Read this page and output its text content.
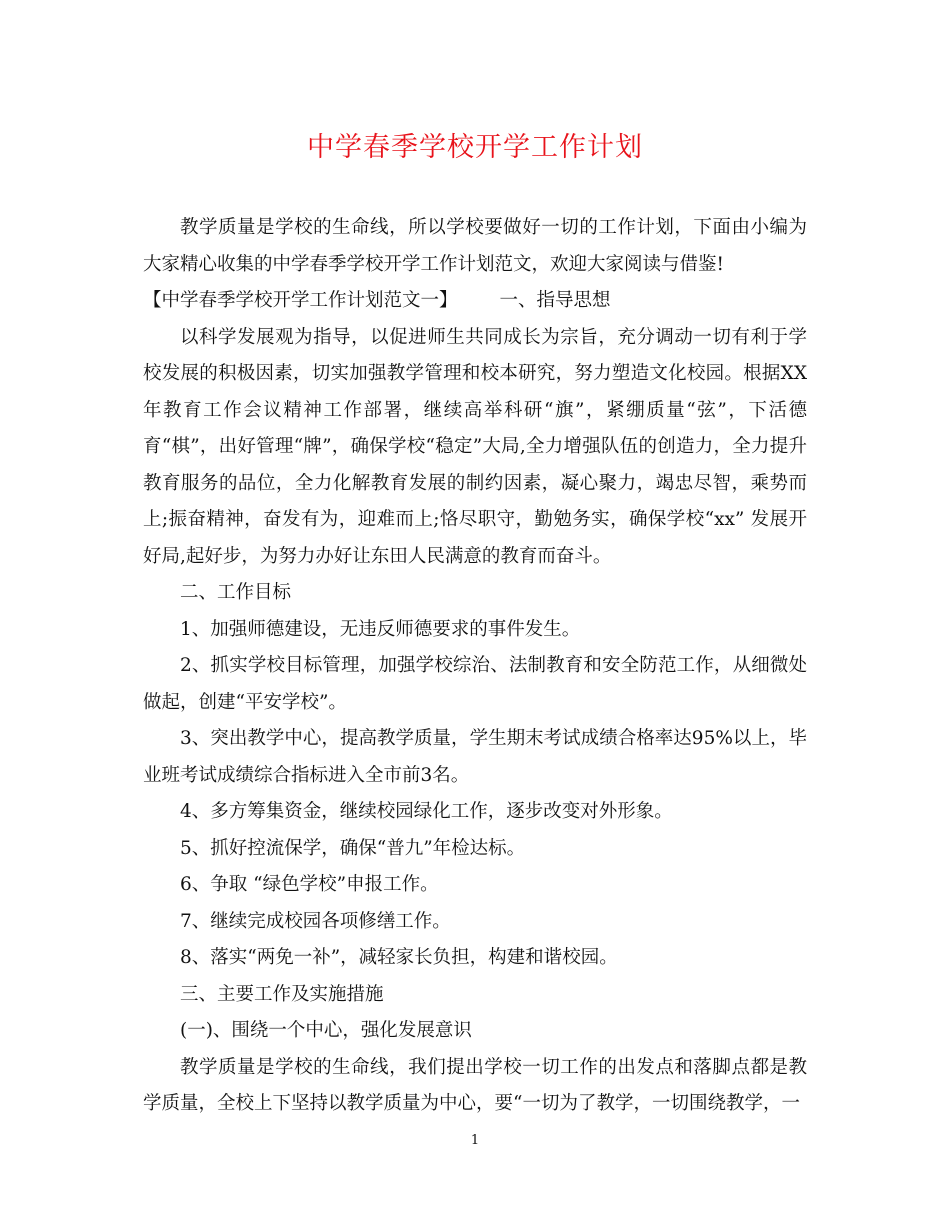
中学春季学校开学工作计划

教学质量是学校的生命线，所以学校要做好一切的工作计划，下面由小编为大家精心收集的中学春季学校开学工作计划范文，欢迎大家阅读与借鉴!

【中学春季学校开学工作计划范文一】 一、指导思想

以科学发展观为指导，以促进师生共同成长为宗旨，充分调动一切有利于学校发展的积极因素，切实加强教学管理和校本研究，努力塑造文化校园。根据XX年教育工作会议精神工作部署，继续高举科研“旗”，紧绷质量“弦”，下活德育“棋”，出好管理“牌”，确保学校“稳定”大局,全力增强队伍的创造力，全力提升教育服务的品位，全力化解教育发展的制约因素，凝心聚力，竭忠尽智，乘势而上;振奋精神，奋发有为，迎难而上;恪尽职守，勤勉务实，确保学校“xx” 发展开好局,起好步，为努力办好让东田人民满意的教育而奋斗。

二、工作目标

1、加强师德建设，无违反师德要求的事件发生。

2、抓实学校目标管理，加强学校综治、法制教育和安全防范工作，从细微处做起，创建“平安学校”。

3、突出教学中心，提高教学质量，学生期末考试成绩合格率达95%以上，毕业班考试成绩综合指标进入全市前3名。

4、多方筹集资金，继续校园绿化工作，逐步改变对外形象。

5、抓好控流保学，确保“普九”年检达标。

6、争取 “绿色学校”申报工作。

7、继续完成校园各项修缮工作。

8、落实“两免一补”，减轻家长负担，构建和谐校园。

三、主要工作及实施措施

(一)、围绕一个中心，强化发展意识

教学质量是学校的生命线，我们提出学校一切工作的出发点和落脚点都是教学质量，全校上下坚持以教学质量为中心，要“一切为了教学，一切围绕教学，一

1
